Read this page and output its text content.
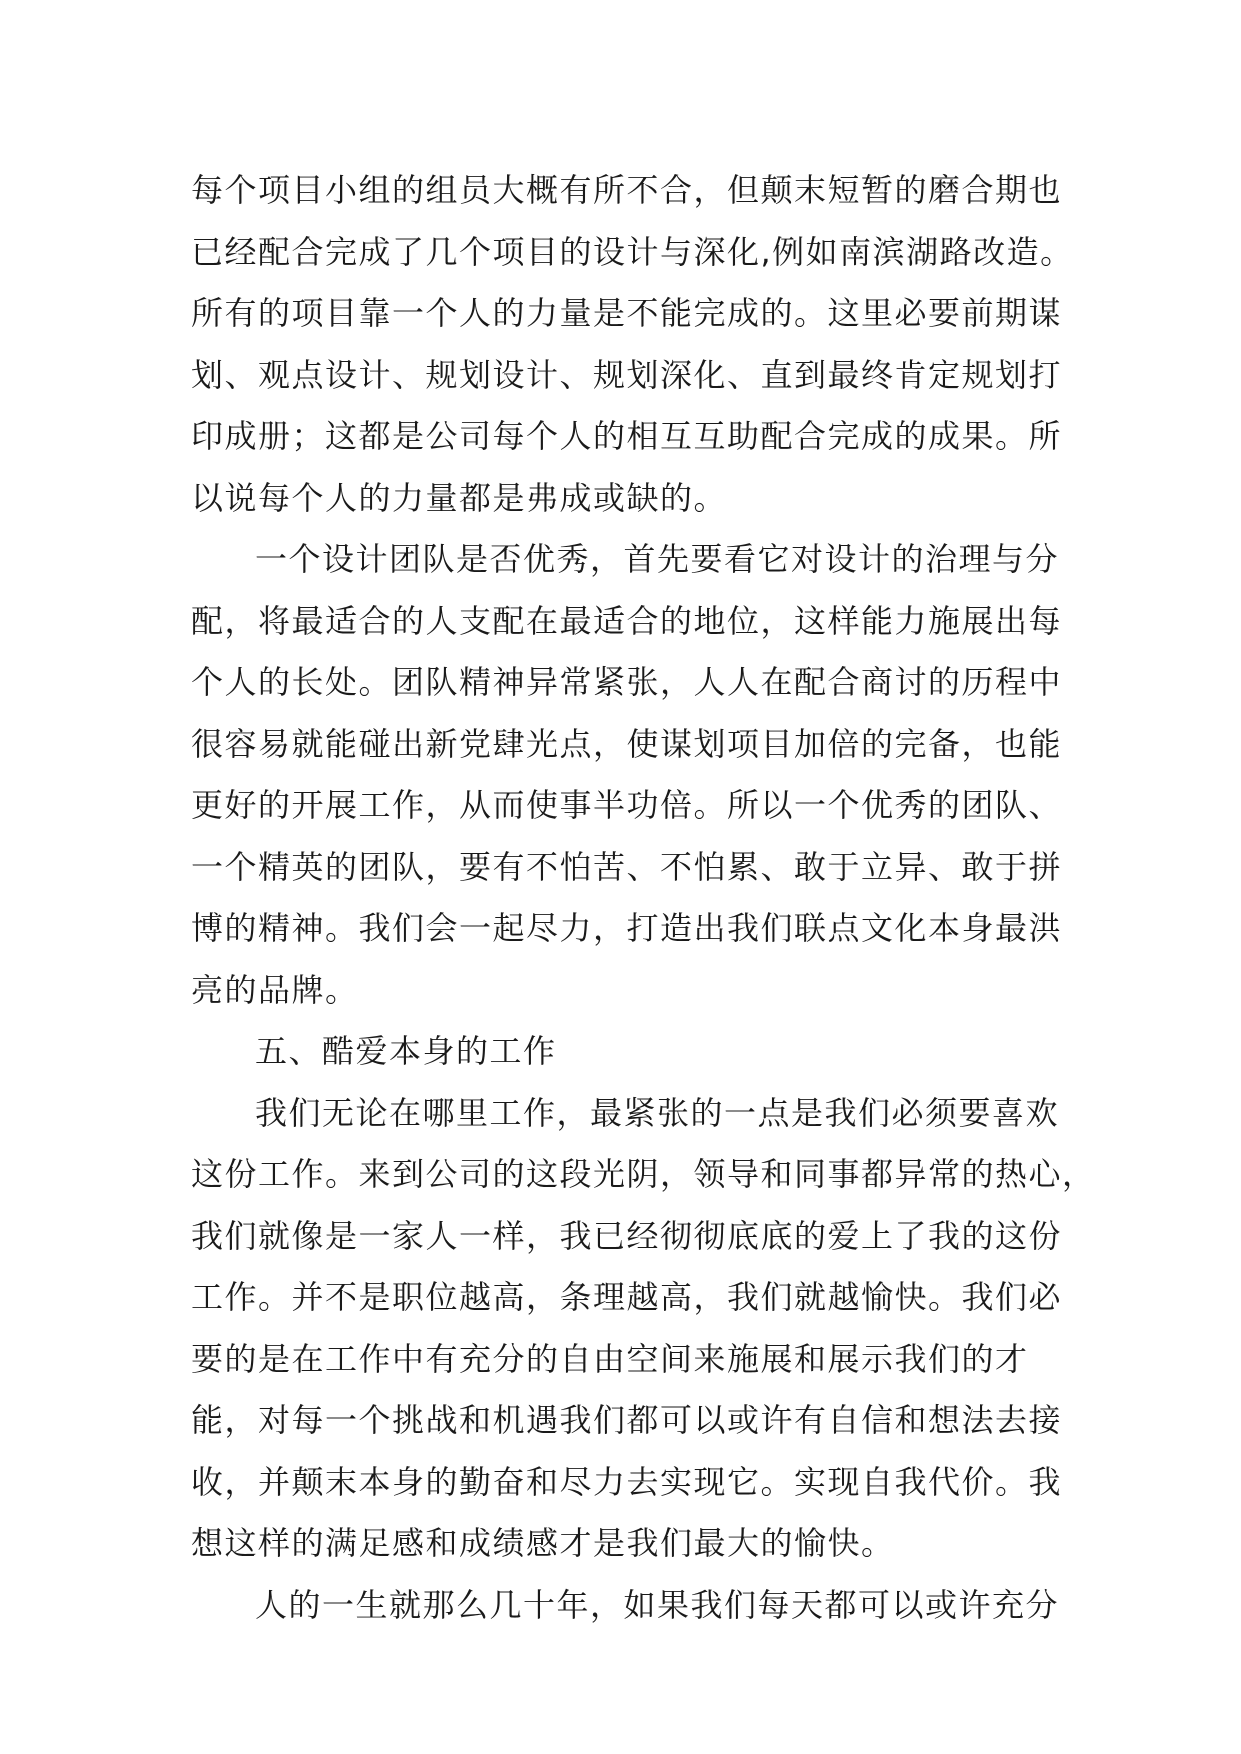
每个项目小组的组员大概有所不合，但颠末短暂的磨合期也
已经配合完成了几个项目的设计与深化,例如南滨湖路改造。
所有的项目靠一个人的力量是不能完成的。这里必要前期谋
划、观点设计、规划设计、规划深化、直到最终肯定规划打
印成册；这都是公司每个人的相互互助配合完成的成果。所
以说每个人的力量都是弗成或缺的。
一个设计团队是否优秀，首先要看它对设计的治理与分
配，将最适合的人支配在最适合的地位，这样能力施展出每
个人的长处。团队精神异常紧张，人人在配合商讨的历程中
很容易就能碰出新党肆光点，使谋划项目加倍的完备，也能
更好的开展工作，从而使事半功倍。所以一个优秀的团队、
一个精英的团队，要有不怕苦、不怕累、敢于立异、敢于拼
博的精神。我们会一起尽力，打造出我们联点文化本身最洪
亮的品牌。
五、酷爱本身的工作
我们无论在哪里工作，最紧张的一点是我们必须要喜欢
这份工作。来到公司的这段光阴，领导和同事都异常的热心，
我们就像是一家人一样，我已经彻彻底底的爱上了我的这份
工作。并不是职位越高，条理越高，我们就越愉快。我们必
要的是在工作中有充分的自由空间来施展和展示我们的才
能，对每一个挑战和机遇我们都可以或许有自信和想法去接
收，并颠末本身的勤奋和尽力去实现它。实现自我代价。我
想这样的满足感和成绩感才是我们最大的愉快。
人的一生就那么几十年，如果我们每天都可以或许充分
